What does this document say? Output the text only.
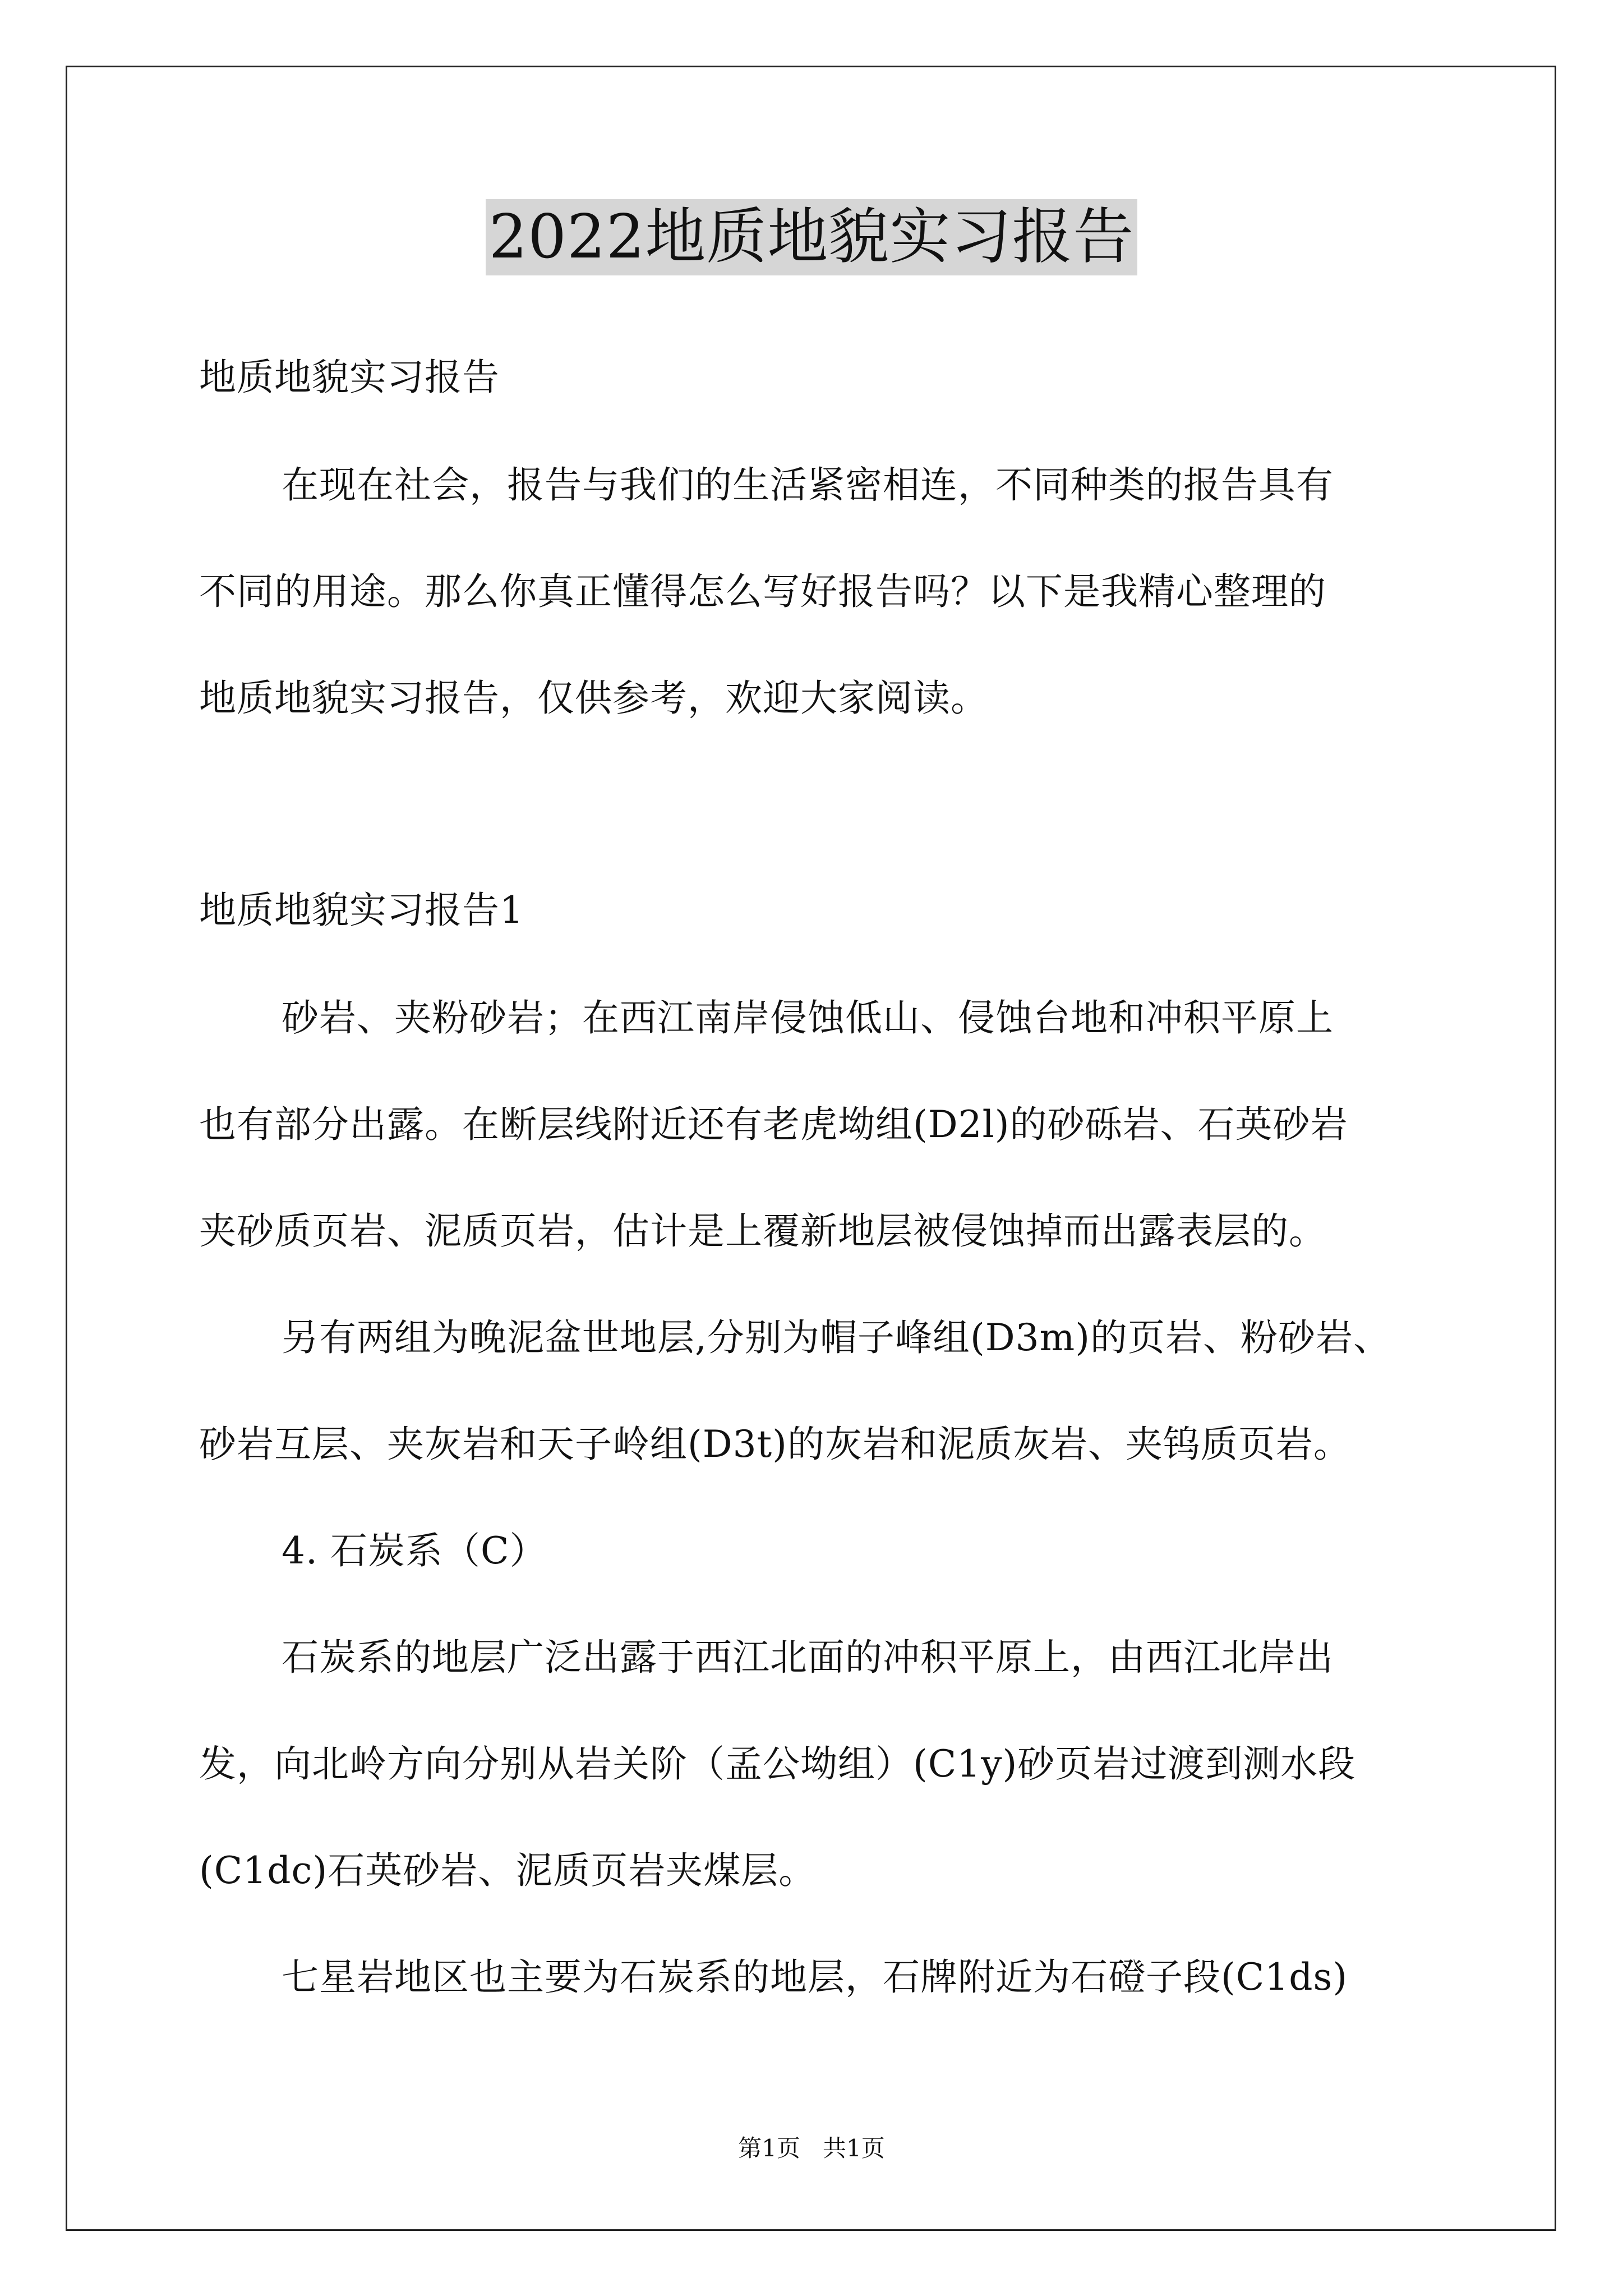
2022地质地貌实习报告
地质地貌实习报告
在现在社会，报告与我们的生活紧密相连，不同种类的报告具有
不同的用途。那么你真正懂得怎么写好报告吗？以下是我精心整理的
地质地貌实习报告，仅供参考，欢迎大家阅读。
地质地貌实习报告1
砂岩、夹粉砂岩；在西江南岸侵蚀低山、侵蚀台地和冲积平原上
也有部分出露。在断层线附近还有老虎坳组(D2l)的砂砾岩、石英砂岩
夹砂质页岩、泥质页岩，估计是上覆新地层被侵蚀掉而出露表层的。
另有两组为晚泥盆世地层,分别为帽子峰组(D3m)的页岩、粉砂岩、
砂岩互层、夹灰岩和天子岭组(D3t)的灰岩和泥质灰岩、夹钨质页岩。
4. 石炭系（C）
石炭系的地层广泛出露于西江北面的冲积平原上，由西江北岸出
发，向北岭方向分别从岩关阶（孟公坳组）(C1y)砂页岩过渡到测水段
(C1dc)石英砂岩、泥质页岩夹煤层。
七星岩地区也主要为石炭系的地层，石牌附近为石磴子段(C1ds)
第1页   共1页
